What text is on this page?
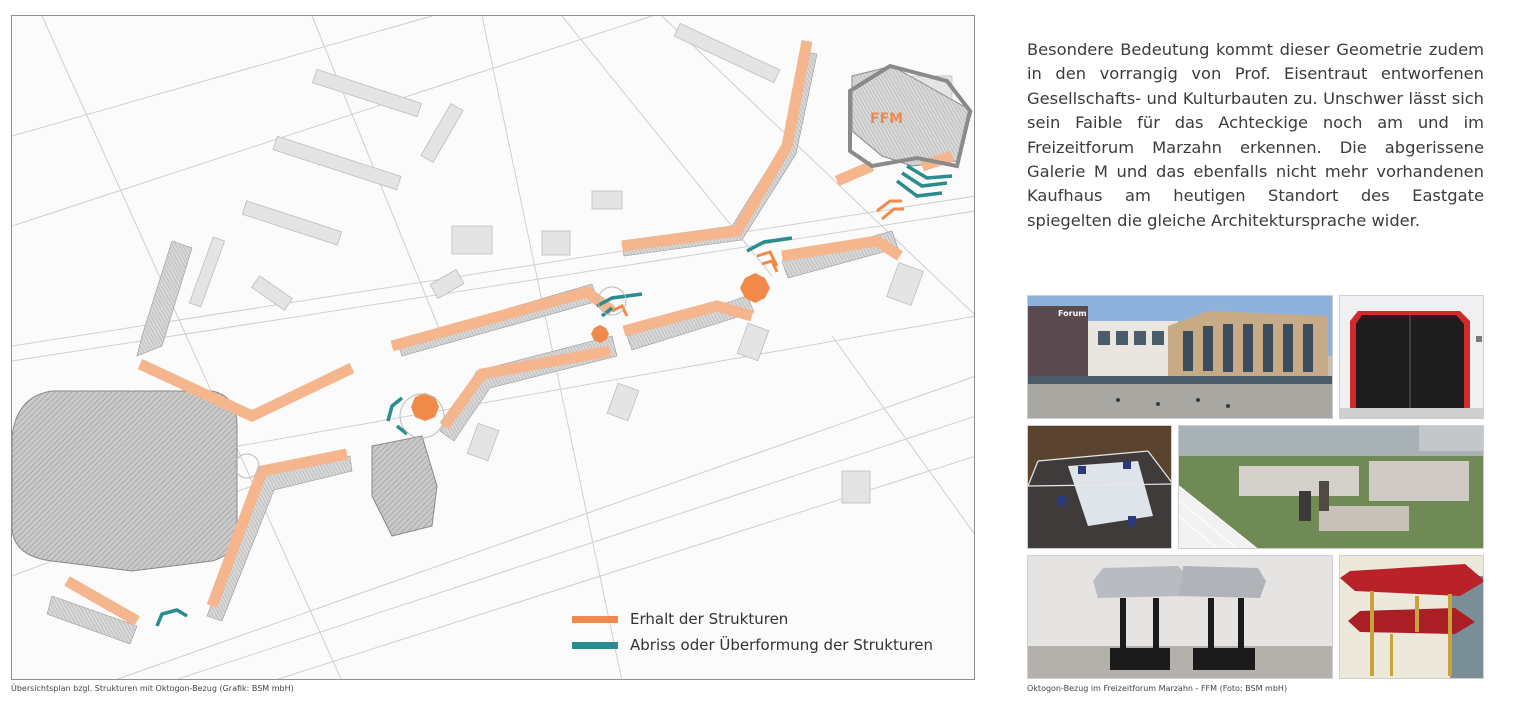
FFM
Erhalt der Strukturen
Abriss oder Überformung der Strukturen
Übersichtsplan bzgl. Strukturen mit Oktogon-Bezug (Grafik: BSM mbH)
Besondere Bedeutung kommt dieser Geometrie zudem in den vorrangig von Prof. Eisentraut entworfenen Gesellschafts- und Kulturbauten zu. Unschwer lässt sich sein Faible für das Achteckige noch am und im Freizeitforum Marzahn erkennen. Die abgerissene Galerie M und das ebenfalls nicht mehr vorhandenen Kaufhaus am heutigen Standort des Eastgate spiegelten die gleiche Architektursprache wider.
Forum
Oktogon-Bezug im Freizeitforum Marzahn - FFM (Foto: BSM mbH)
